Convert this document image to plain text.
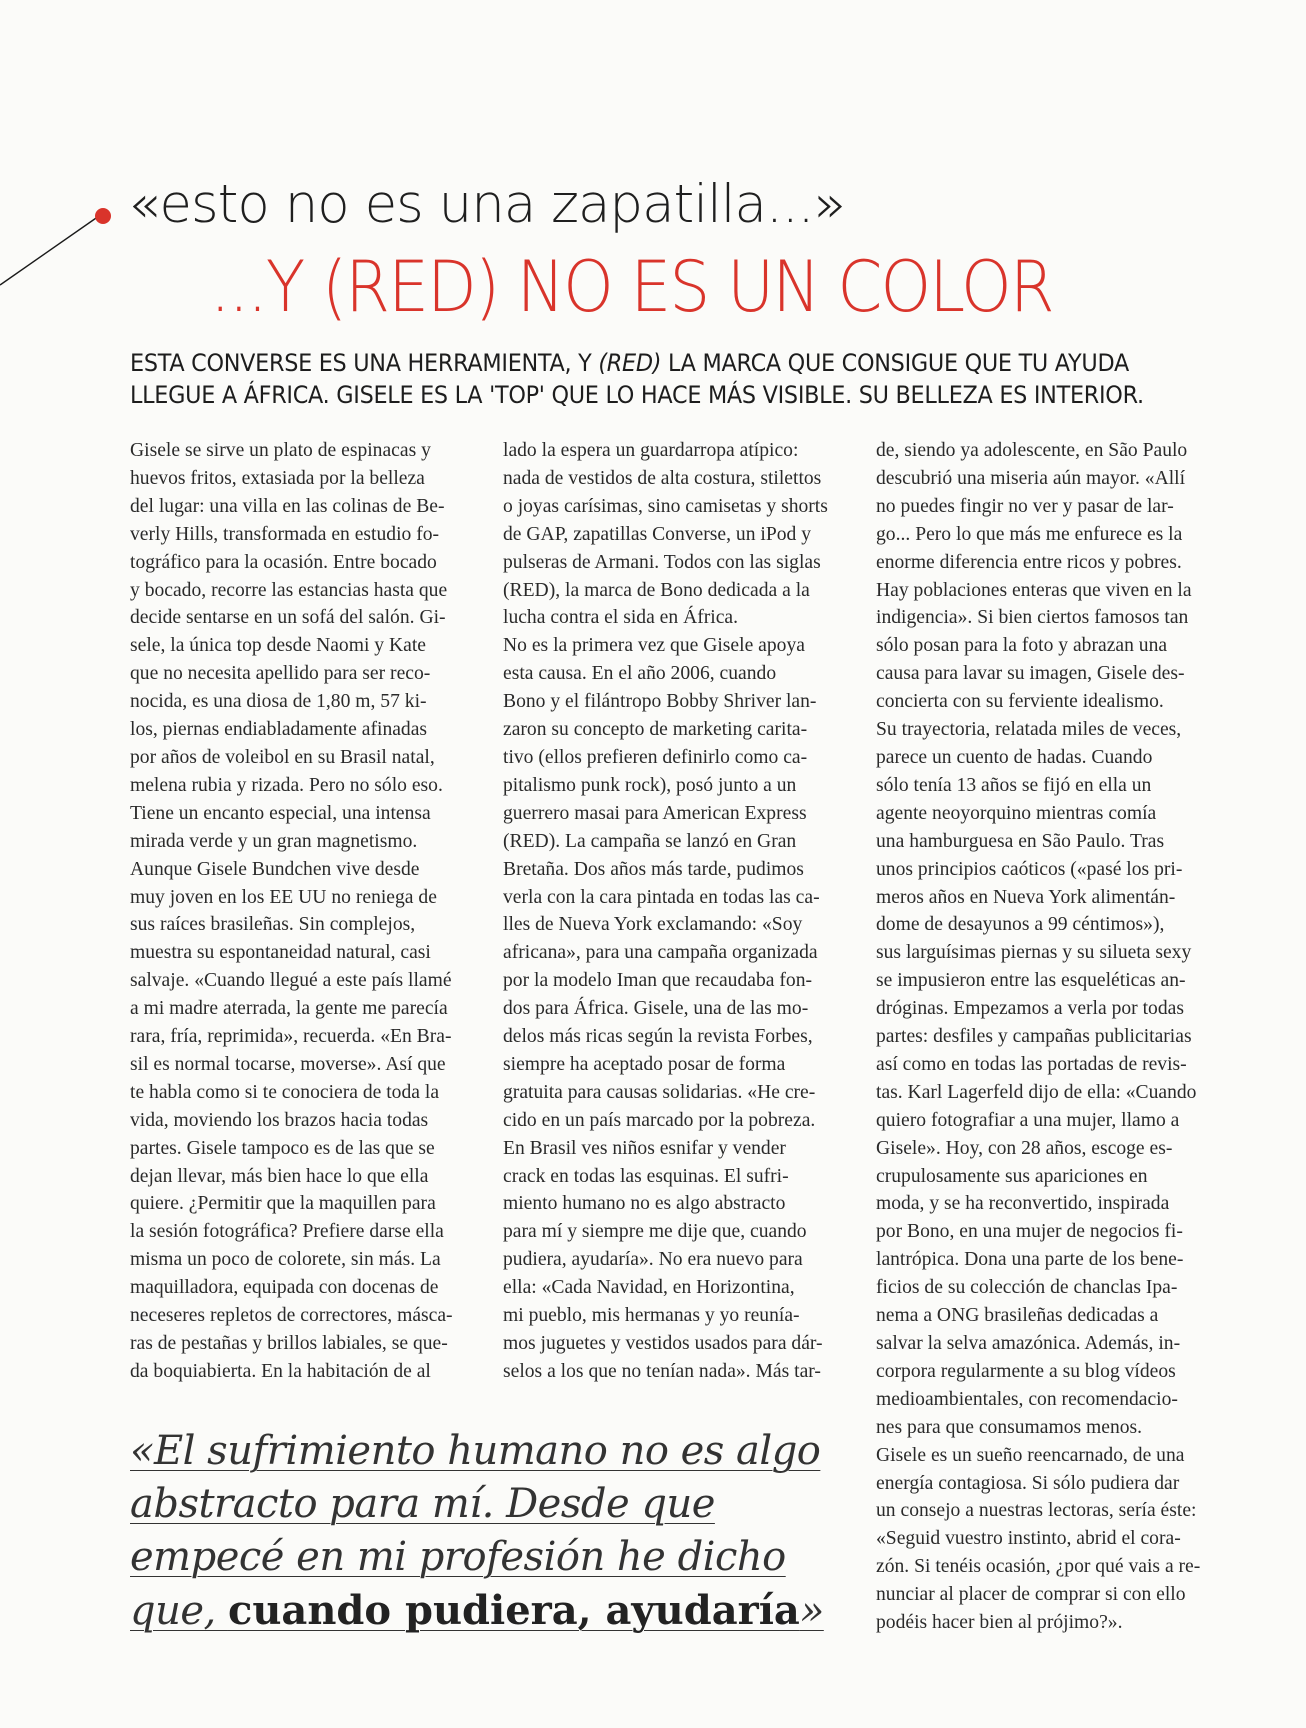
«esto no es una zapatilla...»
...Y (RED) NO ES UN COLOR
ESTA CONVERSE ES UNA HERRAMIENTA, Y (RED) LA MARCA QUE CONSIGUE QUE TU AYUDA
LLEGUE A ÁFRICA. GISELE ES LA 'TOP' QUE LO HACE MÁS VISIBLE. SU BELLEZA ES INTERIOR.
Gisele se sirve un plato de espinacas y
huevos fritos, extasiada por la belleza
del lugar: una villa en las colinas de Be-
verly Hills, transformada en estudio fo-
tográfico para la ocasión. Entre bocado
y bocado, recorre las estancias hasta que
decide sentarse en un sofá del salón. Gi-
sele, la única top desde Naomi y Kate
que no necesita apellido para ser reco-
nocida, es una diosa de 1,80 m, 57 ki-
los, piernas endiabladamente afinadas
por años de voleibol en su Brasil natal,
melena rubia y rizada. Pero no sólo eso.
Tiene un encanto especial, una intensa
mirada verde y un gran magnetismo.
Aunque Gisele Bundchen vive desde
muy joven en los EE UU no reniega de
sus raíces brasileñas. Sin complejos,
muestra su espontaneidad natural, casi
salvaje. «Cuando llegué a este país llamé
a mi madre aterrada, la gente me parecía
rara, fría, reprimida», recuerda. «En Bra-
sil es normal tocarse, moverse». Así que
te habla como si te conociera de toda la
vida, moviendo los brazos hacia todas
partes. Gisele tampoco es de las que se
dejan llevar, más bien hace lo que ella
quiere. ¿Permitir que la maquillen para
la sesión fotográfica? Prefiere darse ella
misma un poco de colorete, sin más. La
maquilladora, equipada con docenas de
neceseres repletos de correctores, másca-
ras de pestañas y brillos labiales, se que-
da boquiabierta. En la habitación de al
lado la espera un guardarropa atípico:
nada de vestidos de alta costura, stilettos
o joyas carísimas, sino camisetas y shorts
de GAP, zapatillas Converse, un iPod y
pulseras de Armani. Todos con las siglas
(RED), la marca de Bono dedicada a la
lucha contra el sida en África.
No es la primera vez que Gisele apoya
esta causa. En el año 2006, cuando
Bono y el filántropo Bobby Shriver lan-
zaron su concepto de marketing carita-
tivo (ellos prefieren definirlo como ca-
pitalismo punk rock), posó junto a un
guerrero masai para American Express
(RED). La campaña se lanzó en Gran
Bretaña. Dos años más tarde, pudimos
verla con la cara pintada en todas las ca-
lles de Nueva York exclamando: «Soy
africana», para una campaña organizada
por la modelo Iman que recaudaba fon-
dos para África. Gisele, una de las mo-
delos más ricas según la revista Forbes,
siempre ha aceptado posar de forma
gratuita para causas solidarias. «He cre-
cido en un país marcado por la pobreza.
En Brasil ves niños esnifar y vender
crack en todas las esquinas. El sufri-
miento humano no es algo abstracto
para mí y siempre me dije que, cuando
pudiera, ayudaría». No era nuevo para
ella: «Cada Navidad, en Horizontina,
mi pueblo, mis hermanas y yo reuníа-
mos juguetes y vestidos usados para dár-
selos a los que no tenían nada». Más tar-
de, siendo ya adolescente, en São Paulo
descubrió una miseria aún mayor. «Allí
no puedes fingir no ver y pasar de lar-
go... Pero lo que más me enfurece es la
enorme diferencia entre ricos y pobres.
Hay poblaciones enteras que viven en la
indigencia». Si bien ciertos famosos tan
sólo posan para la foto y abrazan una
causa para lavar su imagen, Gisele des-
concierta con su ferviente idealismo.
Su trayectoria, relatada miles de veces,
parece un cuento de hadas. Cuando
sólo tenía 13 años se fijó en ella un
agente neoyorquino mientras comía
una hamburguesa en São Paulo. Tras
unos principios caóticos («pasé los pri-
meros años en Nueva York alimentán-
dome de desayunos a 99 céntimos»),
sus larguísimas piernas y su silueta sexy
se impusieron entre las esqueléticas an-
dróginas. Empezamos a verla por todas
partes: desfiles y campañas publicitarias
así como en todas las portadas de revis-
tas. Karl Lagerfeld dijo de ella: «Cuando
quiero fotografiar a una mujer, llamo a
Gisele». Hoy, con 28 años, escoge es-
crupulosamente sus apariciones en
moda, y se ha reconvertido, inspirada
por Bono, en una mujer de negocios fi-
lantrópica. Dona una parte de los bene-
ficios de su colección de chanclas Ipa-
nema a ONG brasileñas dedicadas a
salvar la selva amazónica. Además, in-
corpora regularmente a su blog vídeos
medioambientales, con recomendacio-
nes para que consumamos menos.
Gisele es un sueño reencarnado, de una
energía contagiosa. Si sólo pudiera dar
un consejo a nuestras lectoras, sería éste:
«Seguid vuestro instinto, abrid el cora-
zón. Si tenéis ocasión, ¿por qué vais a re-
nunciar al placer de comprar si con ello
podéis hacer bien al prójimo?».
«El sufrimiento humano no es algo
abstracto para mí. Desde que
empecé en mi profesión he dicho
que, cuando pudiera, ayudaría»
